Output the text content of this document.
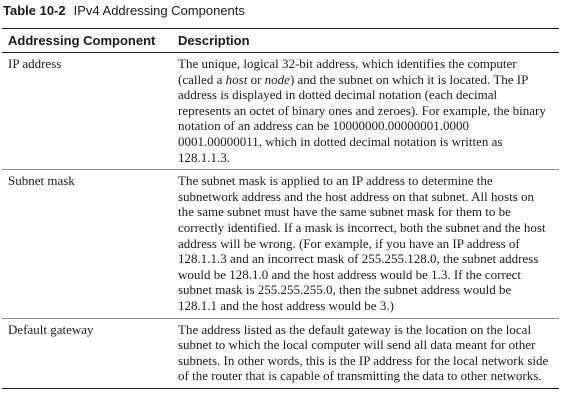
Table 10-2 IPv4 Addressing Components
Addressing Component	Description
IP address	The unique, logical 32-bit address, which identifies the computer (called a host or node) and the subnet on which it is located. The IP address is displayed in dotted decimal notation (each decimal represents an octet of binary ones and zeroes). For example, the binary notation of an address can be 10000000.00000001.0000 0001.00000011, which in dotted decimal notation is written as 128.1.1.3.
Subnet mask	The subnet mask is applied to an IP address to determine the subnetwork address and the host address on that subnet. All hosts on the same subnet must have the same subnet mask for them to be correctly identified. If a mask is incorrect, both the subnet and the host address will be wrong. (For example, if you have an IP address of 128.1.1.3 and an incorrect mask of 255.255.128.0, the subnet address would be 128.1.0 and the host address would be 1.3. If the correct subnet mask is 255.255.255.0, then the subnet address would be 128.1.1 and the host address would be 3.)
Default gateway	The address listed as the default gateway is the location on the local subnet to which the local computer will send all data meant for other subnets. In other words, this is the IP address for the local network side of the router that is capable of transmitting the data to other networks.
